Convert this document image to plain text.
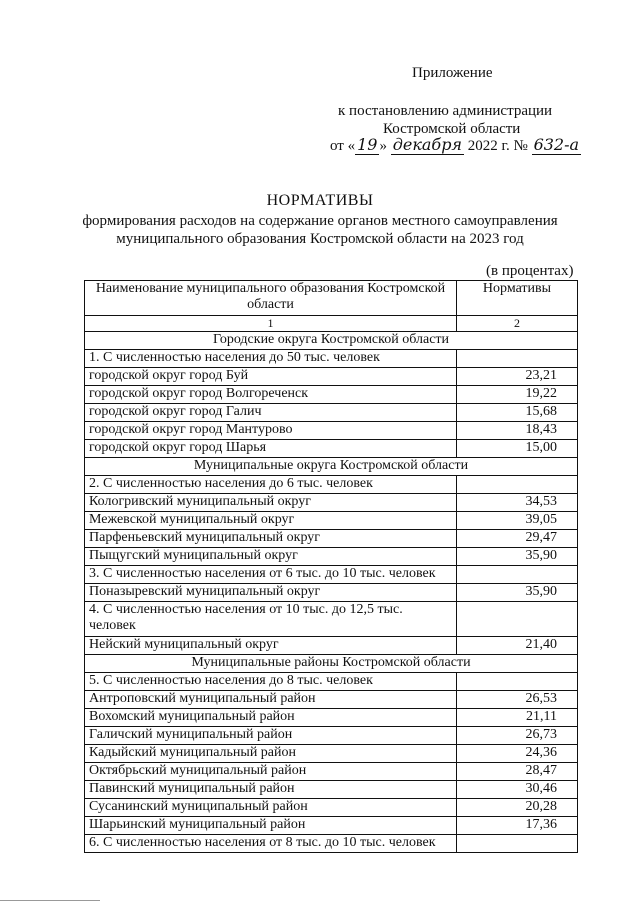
Приложение
к постановлению администрации
Костромской области
от « 19 » декабря 2022 г. № 632-а
НОРМАТИВЫ
формирования расходов на содержание органов местного самоуправления
муниципального образования Костромской области на 2023 год
(в процентах)
Наименование муниципального образования Костромской области	Нормативы
1	2
Городские округа Костромской области	
1. С численностью населения до 50 тыс. человек	
городской округ город Буй	23,21
городской округ город Волгореченск	19,22
городской округ город Галич	15,68
городской округ город Мантурово	18,43
городской округ город Шарья	15,00
Муниципальные округа Костромской области	
2. С численностью населения до 6 тыс. человек	
Кологривский муниципальный округ	34,53
Межевской муниципальный округ	39,05
Парфеньевский муниципальный округ	29,47
Пыщугский муниципальный округ	35,90
3. С численностью населения от 6 тыс. до 10 тыс. человек	
Поназыревский муниципальный округ	35,90
4. С численностью населения от 10 тыс. до 12,5 тыс. человек	
Нейский муниципальный округ	21,40
Муниципальные районы Костромской области	
5. С численностью населения до 8 тыс. человек	
Антроповский муниципальный район	26,53
Вохомский муниципальный район	21,11
Галичский муниципальный район	26,73
Кадыйский муниципальный район	24,36
Октябрьский муниципальный район	28,47
Павинский муниципальный район	30,46
Сусанинский муниципальный район	20,28
Шарьинский муниципальный район	17,36
6. С численностью населения от 8 тыс. до 10 тыс. человек	
